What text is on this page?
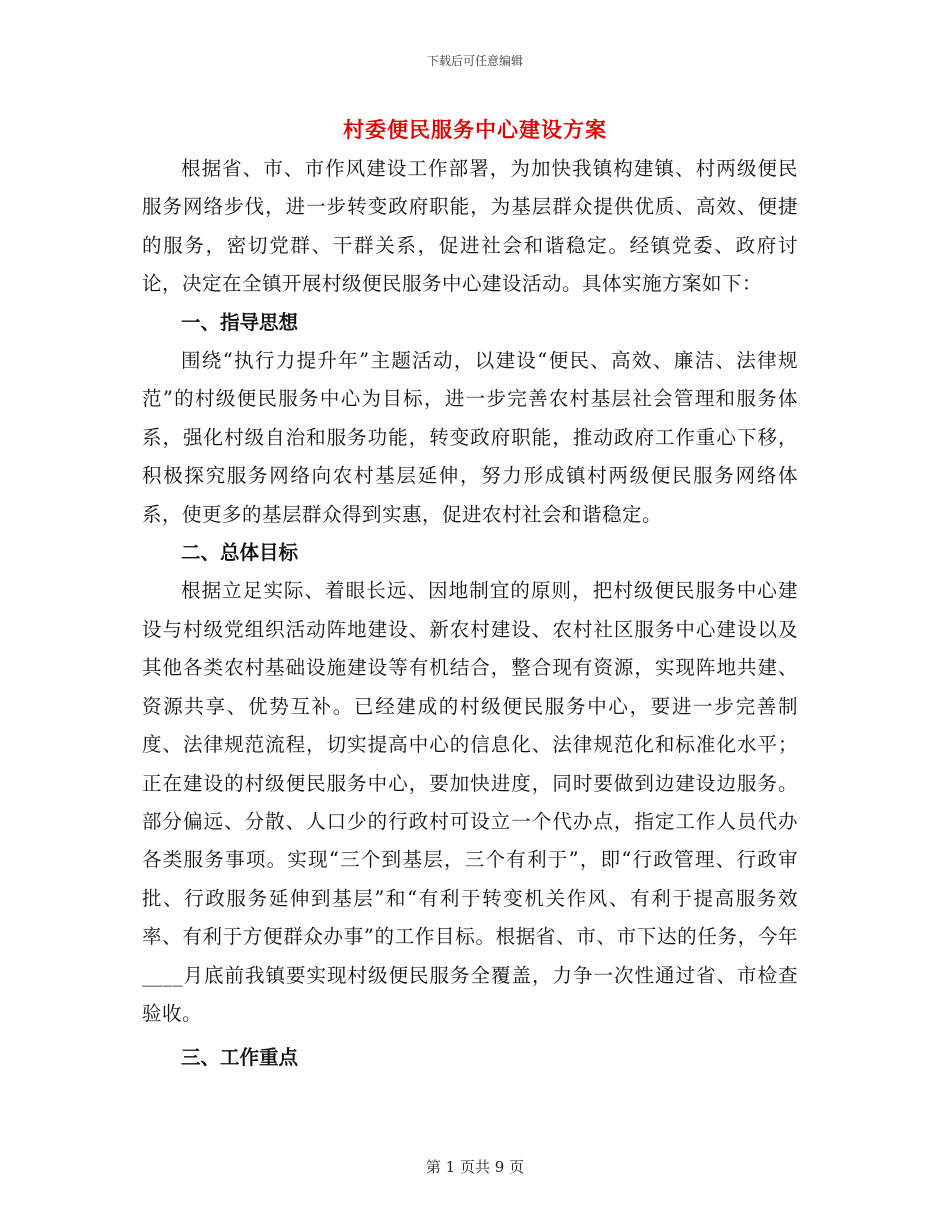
下载后可任意编辑
村委便民服务中心建设方案

根据省、市、市作风建设工作部署，为加快我镇构建镇、村两级便民服务网络步伐，进一步转变政府职能，为基层群众提供优质、高效、便捷的服务，密切党群、干群关系，促进社会和谐稳定。经镇党委、政府讨论，决定在全镇开展村级便民服务中心建设活动。具体实施方案如下：

一、指导思想

围绕“执行力提升年”主题活动，以建设“便民、高效、廉洁、法律规范”的村级便民服务中心为目标，进一步完善农村基层社会管理和服务体系，强化村级自治和服务功能，转变政府职能，推动政府工作重心下移，积极探究服务网络向农村基层延伸，努力形成镇村两级便民服务网络体系，使更多的基层群众得到实惠，促进农村社会和谐稳定。

二、总体目标

根据立足实际、着眼长远、因地制宜的原则，把村级便民服务中心建设与村级党组织活动阵地建设、新农村建设、农村社区服务中心建设以及其他各类农村基础设施建设等有机结合，整合现有资源，实现阵地共建、资源共享、优势互补。已经建成的村级便民服务中心，要进一步完善制度、法律规范流程，切实提高中心的信息化、法律规范化和标准化水平；正在建设的村级便民服务中心，要加快进度，同时要做到边建设边服务。部分偏远、分散、人口少的行政村可设立一个代办点，指定工作人员代办各类服务事项。实现“三个到基层，三个有利于”，即“行政管理、行政审批、行政服务延伸到基层”和“有利于转变机关作风、有利于提高服务效率、有利于方便群众办事”的工作目标。根据省、市、市下达的任务，今年____月底前我镇要实现村级便民服务全覆盖，力争一次性通过省、市检查验收。

三、工作重点

第 1 页共 9 页
